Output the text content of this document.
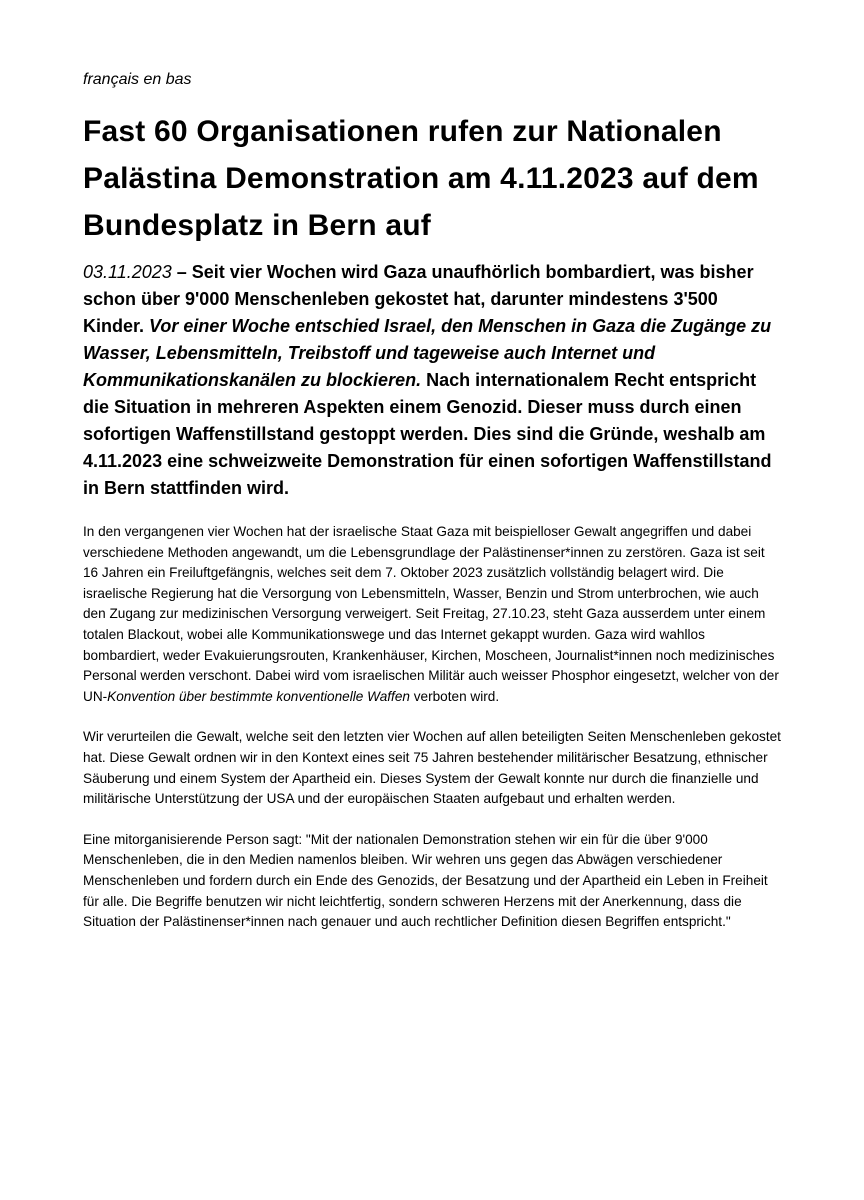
français en bas

Fast 60 Organisationen rufen zur Nationalen Palästina Demonstration am 4.11.2023 auf dem Bundesplatz in Bern auf

03.11.2023 – Seit vier Wochen wird Gaza unaufhörlich bombardiert, was bisher schon über 9'000 Menschenleben gekostet hat, darunter mindestens 3'500 Kinder. Vor einer Woche entschied Israel, den Menschen in Gaza die Zugänge zu Wasser, Lebensmitteln, Treibstoff und tageweise auch Internet und Kommunikationskanälen zu blockieren. Nach internationalem Recht entspricht die Situation in mehreren Aspekten einem Genozid. Dieser muss durch einen sofortigen Waffenstillstand gestoppt werden. Dies sind die Gründe, weshalb am 4.11.2023 eine schweizweite Demonstration für einen sofortigen Waffenstillstand in Bern stattfinden wird.

In den vergangenen vier Wochen hat der israelische Staat Gaza mit beispielloser Gewalt angegriffen und dabei verschiedene Methoden angewandt, um die Lebensgrundlage der Palästinenser*innen zu zerstören. Gaza ist seit 16 Jahren ein Freiluftgefängnis, welches seit dem 7. Oktober 2023 zusätzlich vollständig belagert wird. Die israelische Regierung hat die Versorgung von Lebensmitteln, Wasser, Benzin und Strom unterbrochen, wie auch den Zugang zur medizinischen Versorgung verweigert. Seit Freitag, 27.10.23, steht Gaza ausserdem unter einem totalen Blackout, wobei alle Kommunikationswege und das Internet gekappt wurden. Gaza wird wahllos bombardiert, weder Evakuierungsrouten, Krankenhäuser, Kirchen, Moscheen, Journalist*innen noch medizinisches Personal werden verschont. Dabei wird vom israelischen Militär auch weisser Phosphor eingesetzt, welcher von der UN-Konvention über bestimmte konventionelle Waffen verboten wird.

Wir verurteilen die Gewalt, welche seit den letzten vier Wochen auf allen beteiligten Seiten Menschenleben gekostet hat. Diese Gewalt ordnen wir in den Kontext eines seit 75 Jahren bestehender militärischer Besatzung, ethnischer Säuberung und einem System der Apartheid ein. Dieses System der Gewalt konnte nur durch die finanzielle und militärische Unterstützung der USA und der europäischen Staaten aufgebaut und erhalten werden.

Eine mitorganisierende Person sagt: "Mit der nationalen Demonstration stehen wir ein für die über 9'000 Menschenleben, die in den Medien namenlos bleiben. Wir wehren uns gegen das Abwägen verschiedener Menschenleben und fordern durch ein Ende des Genozids, der Besatzung und der Apartheid ein Leben in Freiheit für alle. Die Begriffe benutzen wir nicht leichtfertig, sondern schweren Herzens mit der Anerkennung, dass die Situation der Palästinenser*innen nach genauer und auch rechtlicher Definition diesen Begriffen entspricht."
